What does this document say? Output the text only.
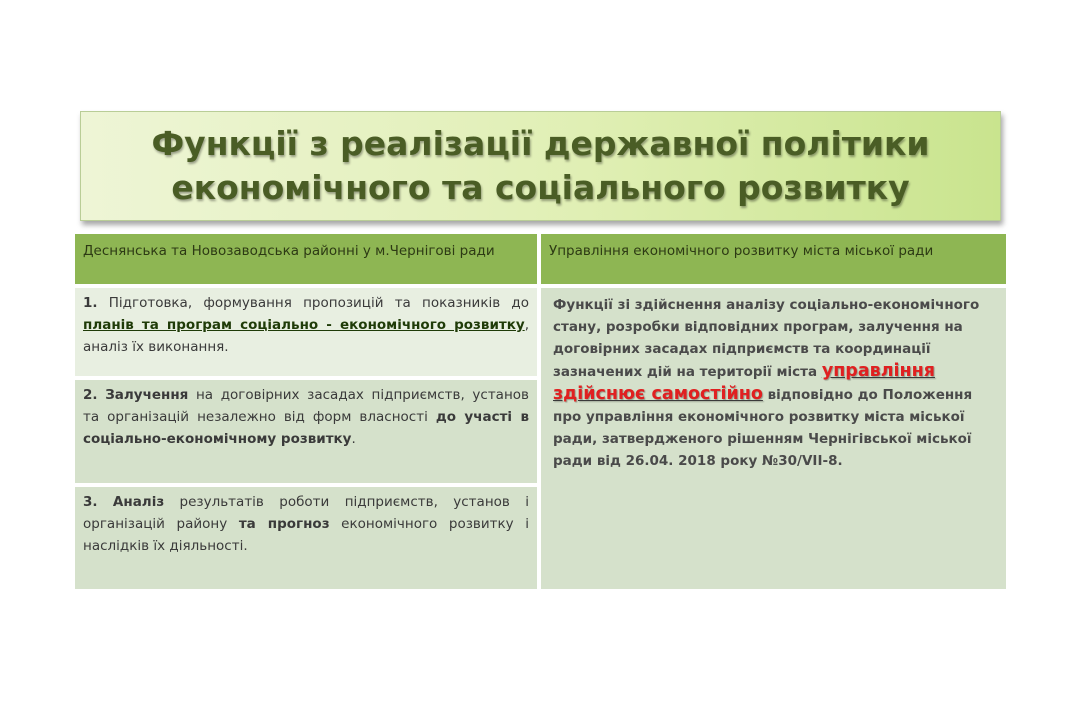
Функції з реалізації державної політики
економічного та соціального розвитку
Деснянська та Новозаводська районні у м.Чернігові ради	Управління економічного розвитку міста міської ради
1. Підготовка, формування пропозицій та показників до планів та програм соціально - економічного розвитку, аналіз їх виконання.
2. Залучення на договірних засадах підприємств, установ та організацій незалежно від форм власності до участі в соціально-економічному розвитку.
3. Аналіз результатів роботи підприємств, установ і організацій району та прогноз економічного розвитку і наслідків їх діяльності.
Функції зі здійснення аналізу соціально-економічного стану, розробки відповідних програм, залучення на договірних засадах підприємств та координації зазначених дій на території міста управління здійснює самостійно відповідно до Положення про управління економічного розвитку міста міської ради, затвердженого рішенням Чернігівської міської ради від 26.04. 2018 року №30/VII-8.
